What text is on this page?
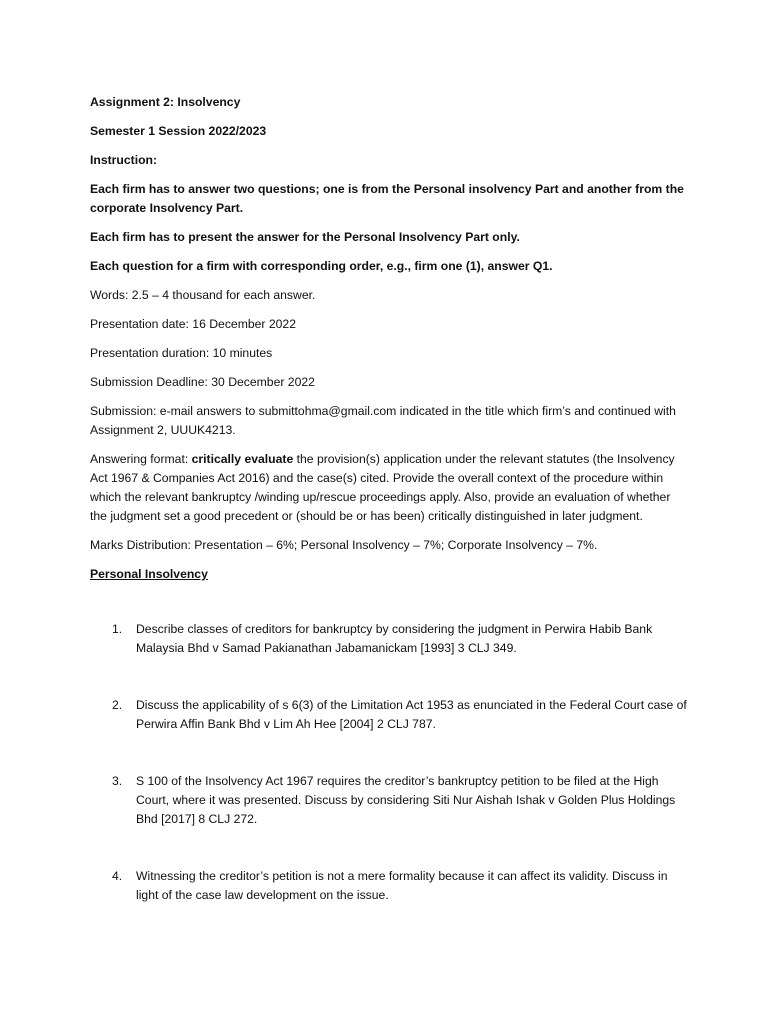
Assignment 2: Insolvency

Semester 1 Session 2022/2023

Instruction:

Each firm has to answer two questions; one is from the Personal insolvency Part and another from the corporate Insolvency Part.

Each firm has to present the answer for the Personal Insolvency Part only.

Each question for a firm with corresponding order, e.g., firm one (1), answer Q1.

Words: 2.5 – 4 thousand for each answer.

Presentation date: 16 December 2022

Presentation duration: 10 minutes

Submission Deadline: 30 December 2022

Submission: e-mail answers to submittohma@gmail.com indicated in the title which firm’s and continued with Assignment 2, UUUK4213.

Answering format: critically evaluate the provision(s) application under the relevant statutes (the Insolvency Act 1967 & Companies Act 2016) and the case(s) cited. Provide the overall context of the procedure within which the relevant bankruptcy /winding up/rescue proceedings apply. Also, provide an evaluation of whether the judgment set a good precedent or (should be or has been) critically distinguished in later judgment.

Marks Distribution: Presentation – 6%; Personal Insolvency – 7%; Corporate Insolvency – 7%.

Personal Insolvency

1. Describe classes of creditors for bankruptcy by considering the judgment in Perwira Habib Bank Malaysia Bhd v Samad Pakianathan Jabamanickam [1993] 3 CLJ 349.
2. Discuss the applicability of s 6(3) of the Limitation Act 1953 as enunciated in the Federal Court case of Perwira Affin Bank Bhd v Lim Ah Hee [2004] 2 CLJ 787.
3. S 100 of the Insolvency Act 1967 requires the creditor’s bankruptcy petition to be filed at the High Court, where it was presented. Discuss by considering Siti Nur Aishah Ishak v Golden Plus Holdings Bhd [2017] 8 CLJ 272.
4. Witnessing the creditor’s petition is not a mere formality because it can affect its validity. Discuss in light of the case law development on the issue.
